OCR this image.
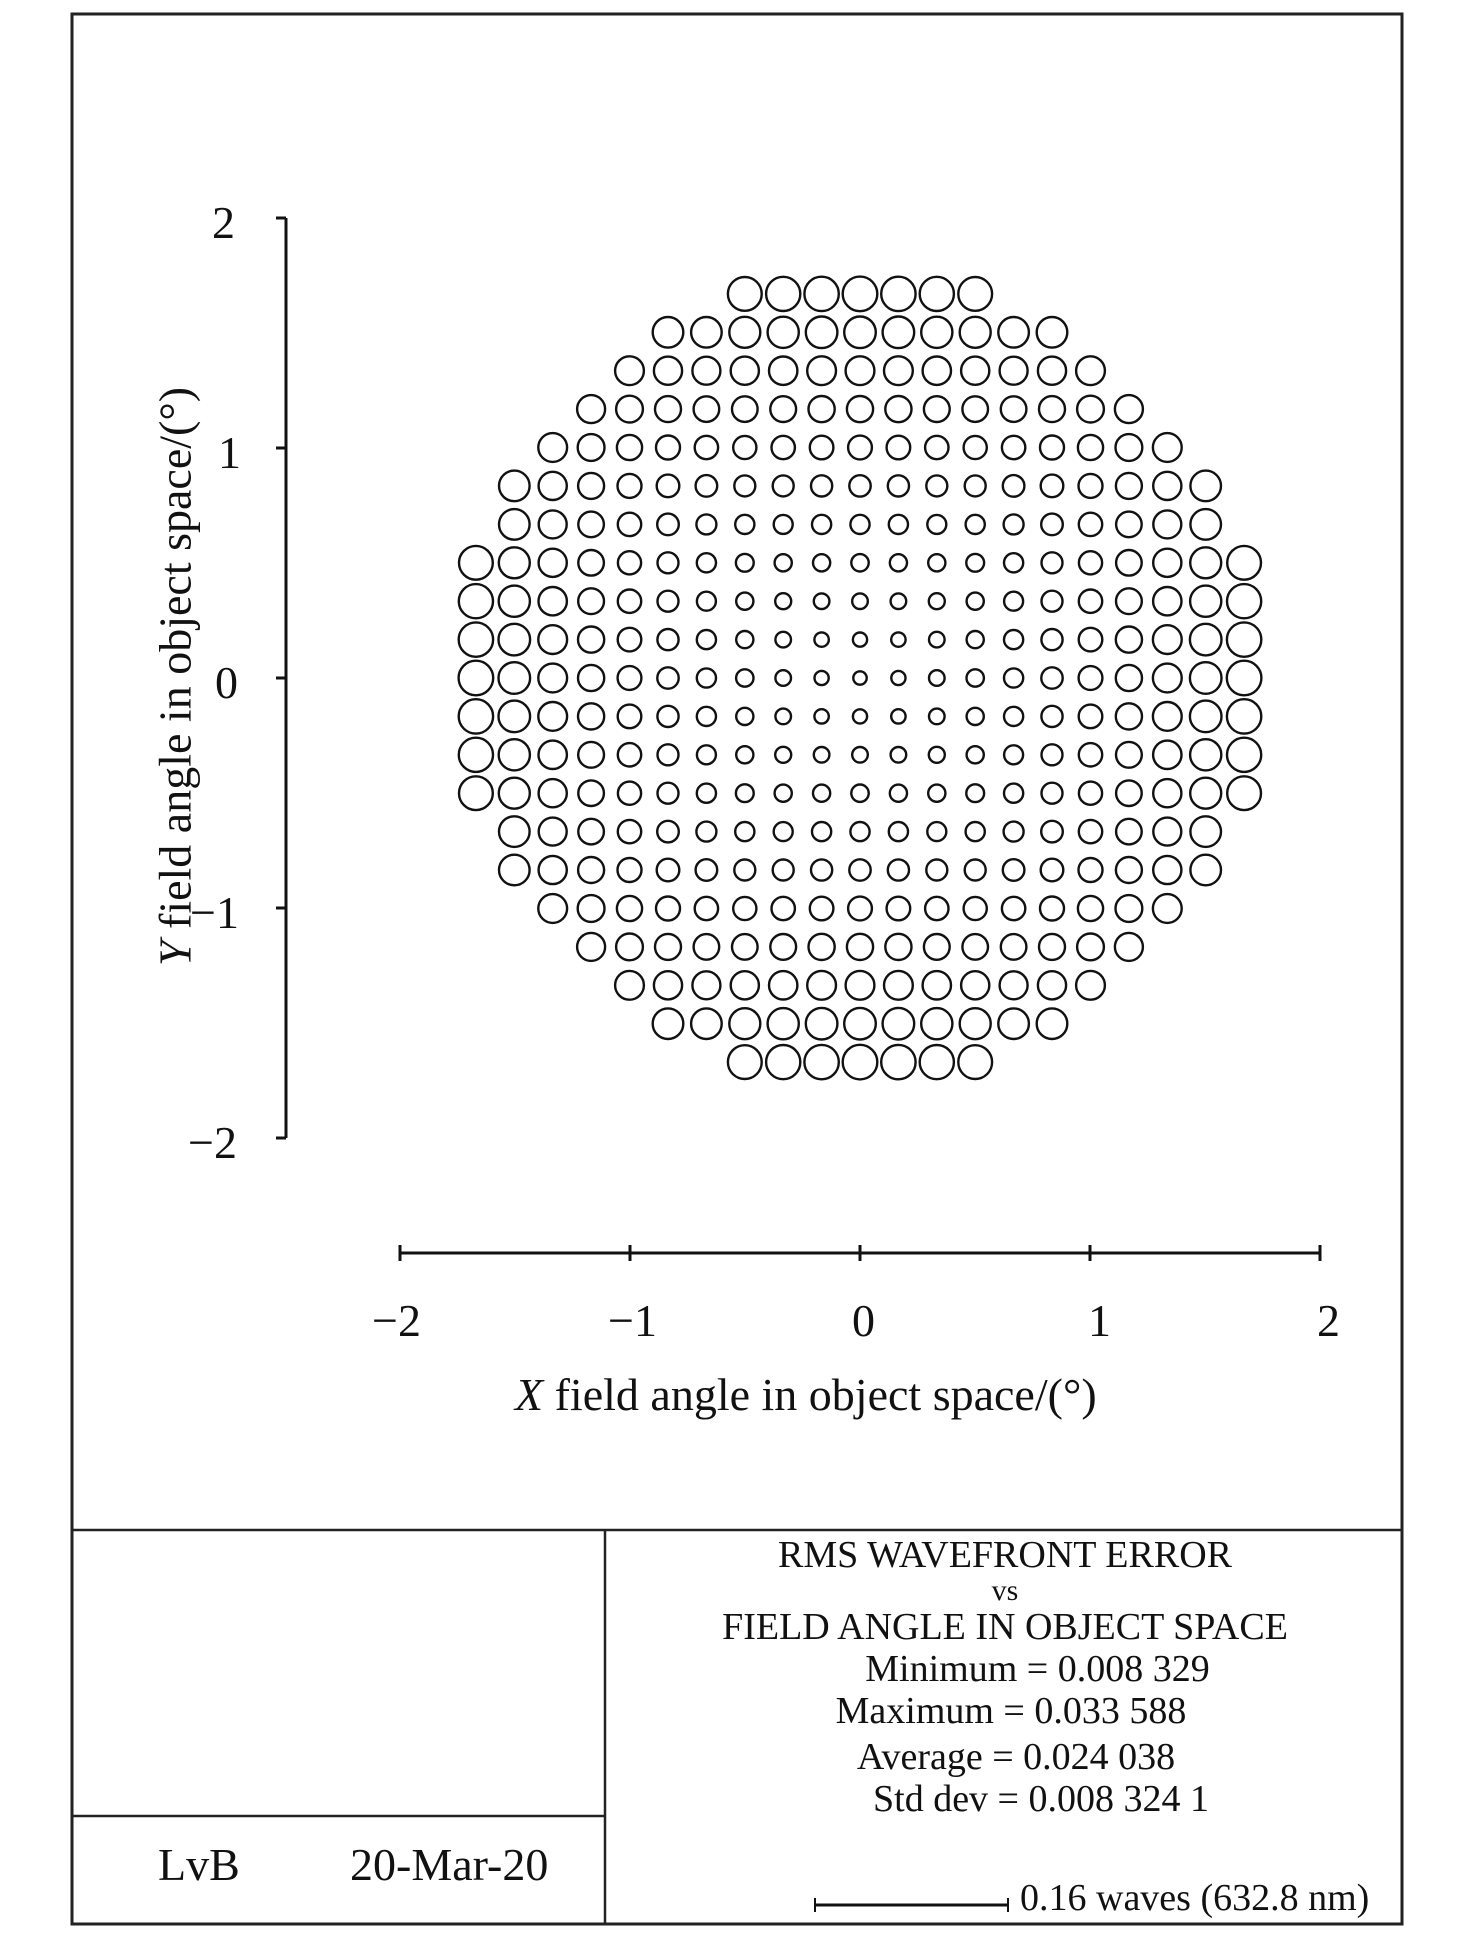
2
1
0
−1
−2
−2	−1	0	1	2
X field angle in object space/(°)
Y field angle in object space/(°)
RMS WAVEFRONT ERROR
vs
FIELD ANGLE IN OBJECT SPACE
Minimum = 0.008 329
Maximum = 0.033 588
Average = 0.024 038
Std dev = 0.008 324 1
0.16 waves (632.8 nm)
LvB 20-Mar-20
